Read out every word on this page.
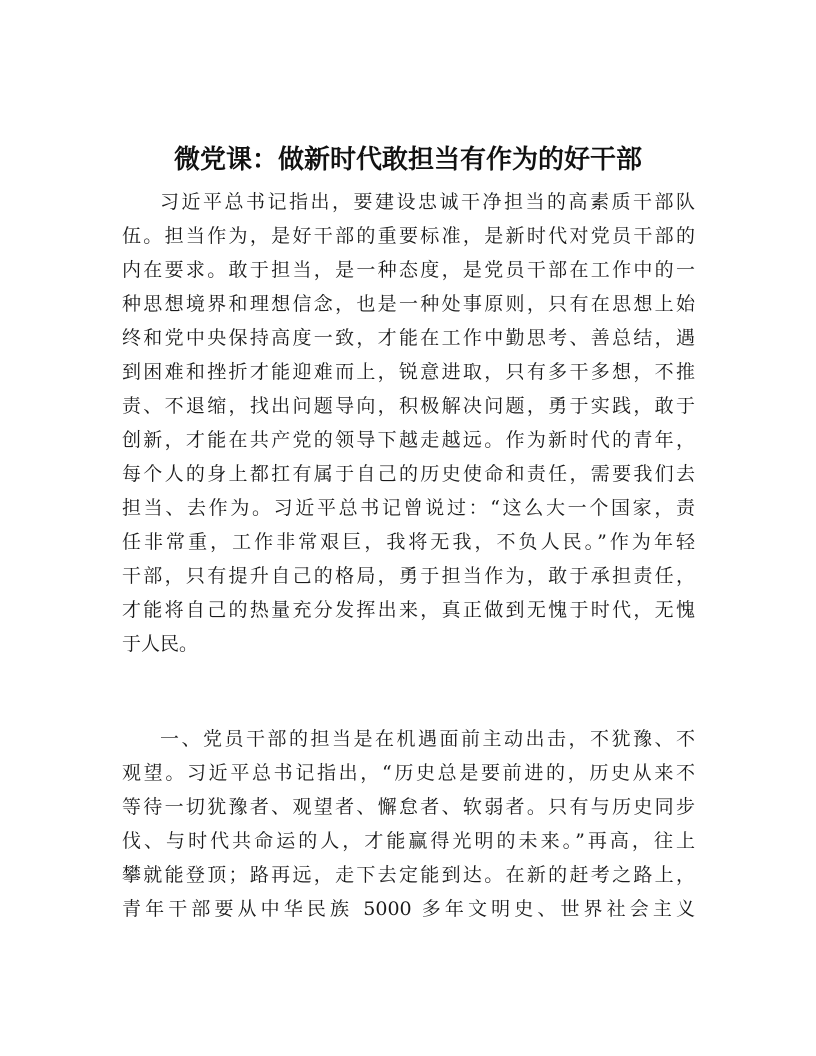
微党课：做新时代敢担当有作为的好干部
习近平总书记指出，要建设忠诚干净担当的高素质干部队
伍。担当作为，是好干部的重要标准，是新时代对党员干部的
内在要求。敢于担当，是一种态度，是党员干部在工作中的一
种思想境界和理想信念，也是一种处事原则，只有在思想上始
终和党中央保持高度一致，才能在工作中勤思考、善总结，遇
到困难和挫折才能迎难而上，锐意进取，只有多干多想，不推
责、不退缩，找出问题导向，积极解决问题，勇于实践，敢于
创新，才能在共产党的领导下越走越远。作为新时代的青年，
每个人的身上都扛有属于自己的历史使命和责任，需要我们去
担当、去作为。习近平总书记曾说过：“这么大一个国家，责
任非常重，工作非常艰巨，我将无我，不负人民。”作为年轻
干部，只有提升自己的格局，勇于担当作为，敢于承担责任，
才能将自己的热量充分发挥出来，真正做到无愧于时代，无愧
于人民。
一、党员干部的担当是在机遇面前主动出击，不犹豫、不
观望。习近平总书记指出，“历史总是要前进的，历史从来不
等待一切犹豫者、观望者、懈怠者、软弱者。只有与历史同步
伐、与时代共命运的人，才能赢得光明的未来。”再高，往上
攀就能登顶；路再远，走下去定能到达。在新的赶考之路上，
青年干部要从中华民族 5000 多年文明史、世界社会主义
